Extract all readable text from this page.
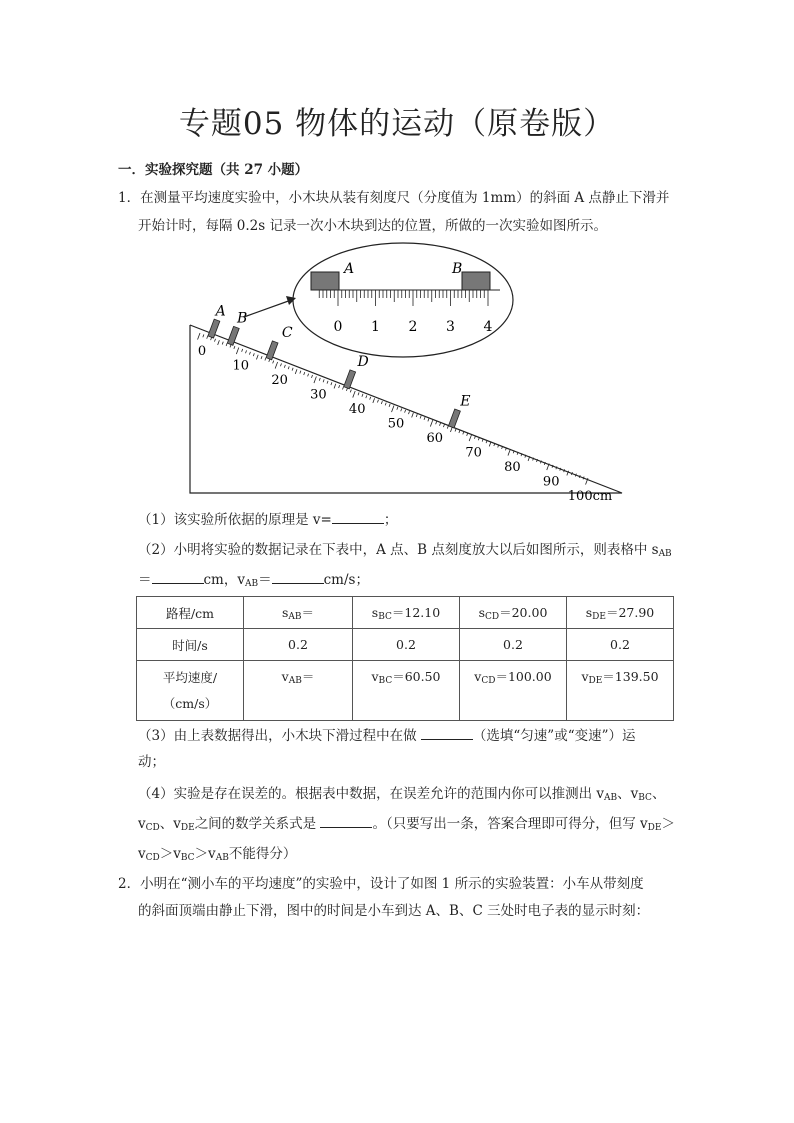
专题05 物体的运动（原卷版）
一．实验探究题（共 27 小题）
1．在测量平均速度实验中，小木块从装有刻度尺（分度值为 1mm）的斜面 A 点静止下滑并
开始计时，每隔 0.2s 记录一次小木块到达的位置，所做的一次实验如图所示。
0
10
20
30
40
50
60
70
80
90
100cm
A B
C
D
E
0 1 2 3 4
A	B
（1）该实验所依据的原理是 v=	；
（2）小明将实验的数据记录在下表中，A 点、B 点刻度放大以后如图所示，则表格中 $s_{AB}$
＝	cm，$v_{AB}=$	cm/s；
路程/cm	$s_{AB}=$	$s_{BC}=12.10$	$s_{CD}=20.00$	$s_{DE}=27.90$
时间/s	0.2	0.2	0.2	0.2
平均速度/
（cm/s）	$v_{AB}=$	$v_{BC}=60.50$	$v_{CD}=100.00$	$v_{DE}=139.50$
（3）由上表数据得出，小木块下滑过程中在做	（选填“匀速”或“变速”）运
动；
（4）实验是存在误差的。根据表中数据，在误差允许的范围内你可以推测出 $v_{AB}$、$v_{BC}$、
$v_{CD}$、$v_{DE}$之间的数学关系式是	。（只要写出一条，答案合理即可得分，但写 $v_{DE}>$
$v_{CD}>v_{BC}>v_{AB}$不能得分）
2．小明在“测小车的平均速度”的实验中，设计了如图 1 所示的实验装置：小车从带刻度
的斜面顶端由静止下滑，图中的时间是小车到达 A、B、C 三处时电子表的显示时刻：
